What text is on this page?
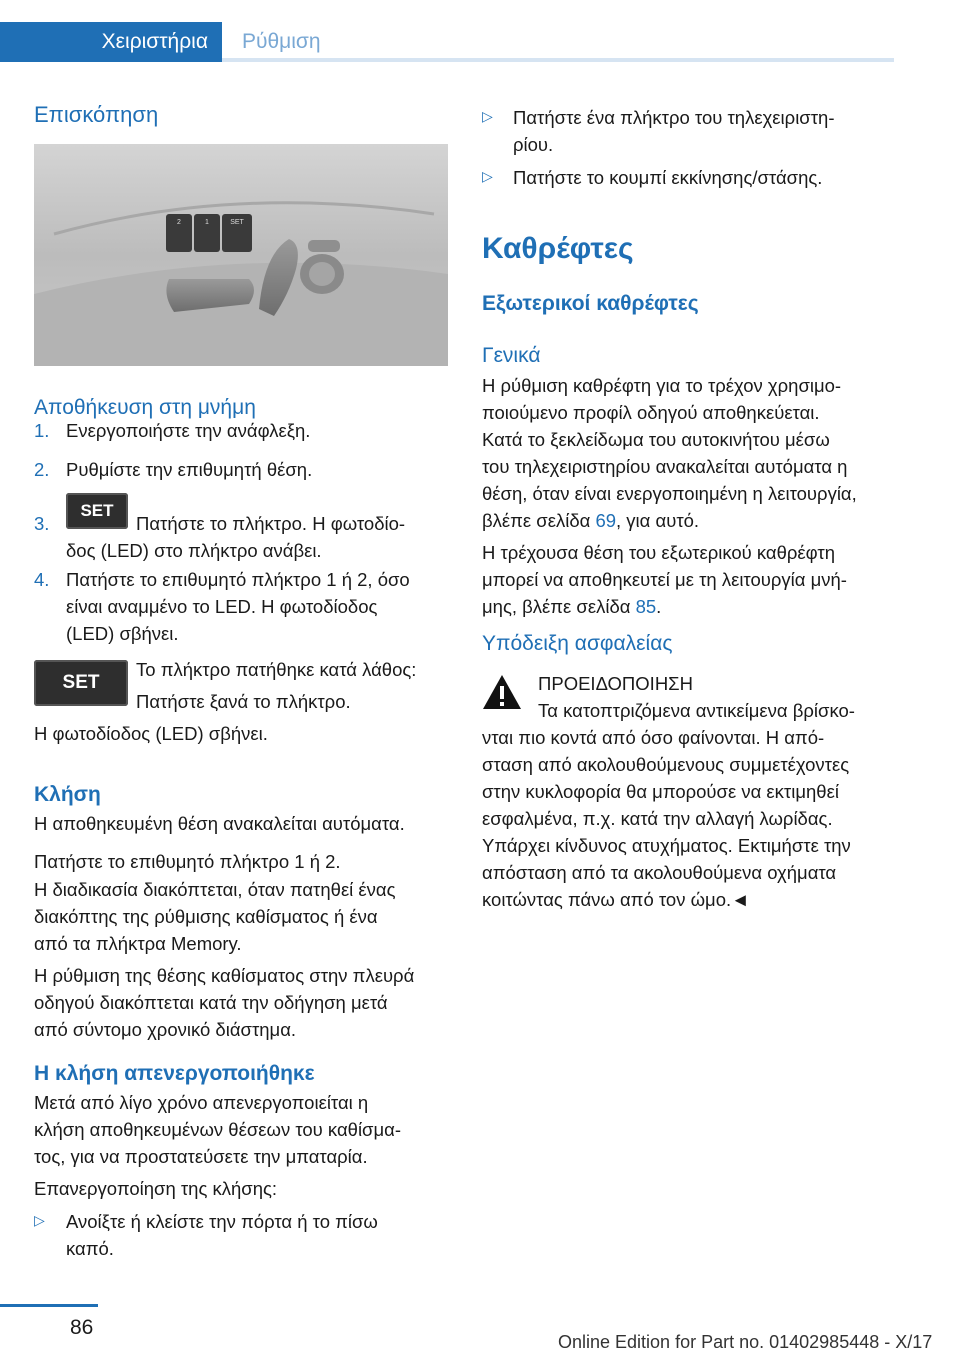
Χειριστήρια	Ρύθμιση
Επισκόπηση
2	1	SET
Αποθήκευση στη μνήμη
1. Ενεργοποιήστε την ανάφλεξη.
2. Ρυθμίστε την επιθυμητή θέση.
3.
SET
Πατήστε το πλήκτρο. Η φωτοδίο‐
δος (LED) στο πλήκτρο ανάβει.
4. Πατήστε το επιθυμητό πλήκτρο 1 ή 2, όσο
είναι αναμμένο το LED. Η φωτοδίοδος
(LED) σβήνει.
SET
Το πλήκτρο πατήθηκε κατά λάθος:
Πατήστε ξανά το πλήκτρο.
Η φωτοδίοδος (LED) σβήνει.
Κλήση
Η αποθηκευμένη θέση ανακαλείται αυτόματα.
Πατήστε το επιθυμητό πλήκτρο 1 ή 2.
Η διαδικασία διακόπτεται, όταν πατηθεί ένας
διακόπτης της ρύθμισης καθίσματος ή ένα
από τα πλήκτρα Memory.
Η ρύθμιση της θέσης καθίσματος στην πλευρά
οδηγού διακόπτεται κατά την οδήγηση μετά
από σύντομο χρονικό διάστημα.
Η κλήση απενεργοποιήθηκε
Μετά από λίγο χρόνο απενεργοποιείται η
κλήση αποθηκευμένων θέσεων του καθίσμα‐
τος, για να προστατεύσετε την μπαταρία.
Επανεργοποίηση της κλήσης:
▷ Ανοίξτε ή κλείστε την πόρτα ή το πίσω
καπό.
▷ Πατήστε ένα πλήκτρο του τηλεχειριστη‐
ρίου.
▷ Πατήστε το κουμπί εκκίνησης/στάσης.
Καθρέφτες
Εξωτερικοί καθρέφτες
Γενικά
Η ρύθμιση καθρέφτη για το τρέχον χρησιμο‐
ποιούμενο προφίλ οδηγού αποθηκεύεται.
Κατά το ξεκλείδωμα του αυτοκινήτου μέσω
του τηλεχειριστηρίου ανακαλείται αυτόματα η
θέση, όταν είναι ενεργοποιημένη η λειτουργία,
βλέπε σελίδα 69, για αυτό.
Η τρέχουσα θέση του εξωτερικού καθρέφτη
μπορεί να αποθηκευτεί με τη λειτουργία μνή‐
μης, βλέπε σελίδα 85.
Υπόδειξη ασφαλείας
ΠΡΟΕΙΔΟΠΟΙΗΣΗ
Τα κατοπτριζόμενα αντικείμενα βρίσκο‐
νται πιο κοντά από όσο φαίνονται. Η από‐
σταση από ακολουθούμενους συμμετέχοντες
στην κυκλοφορία θα μπορούσε να εκτιμηθεί
εσφαλμένα, π.χ. κατά την αλλαγή λωρίδας.
Υπάρχει κίνδυνος ατυχήματος. Εκτιμήστε την
απόσταση από τα ακολουθούμενα οχήματα
κοιτώντας πάνω από τον ώμο.◄
86
Online Edition for Part no. 01402985448 - X/17
